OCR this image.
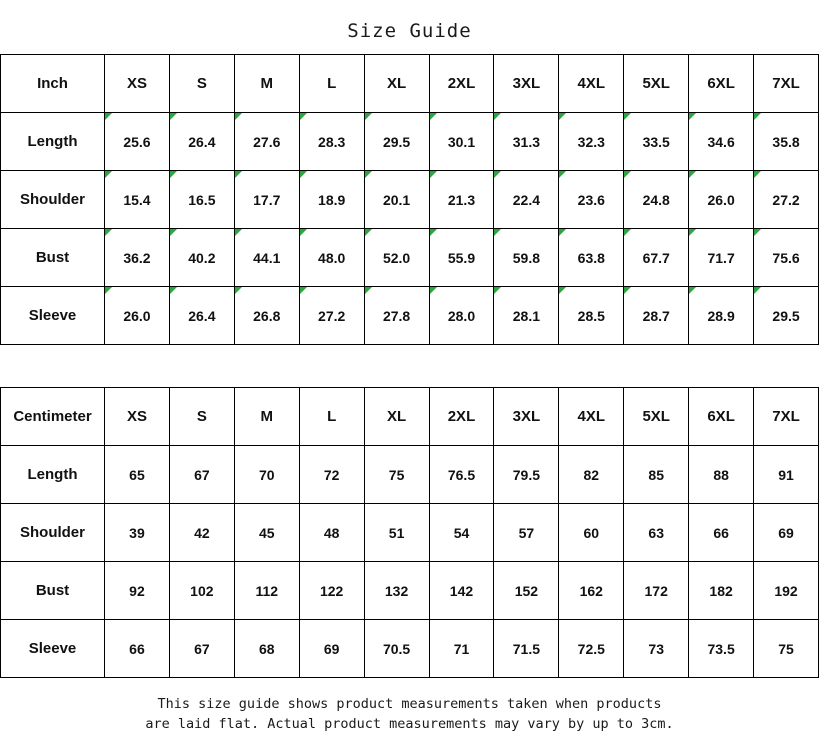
Size Guide
Inch	XS	S	M	L	XL	2XL	3XL	4XL	5XL	6XL	7XL
Length	25.6	26.4	27.6	28.3	29.5	30.1	31.3	32.3	33.5	34.6	35.8
Shoulder	15.4	16.5	17.7	18.9	20.1	21.3	22.4	23.6	24.8	26.0	27.2
Bust	36.2	40.2	44.1	48.0	52.0	55.9	59.8	63.8	67.7	71.7	75.6
Sleeve	26.0	26.4	26.8	27.2	27.8	28.0	28.1	28.5	28.7	28.9	29.5
Centimeter	XS	S	M	L	XL	2XL	3XL	4XL	5XL	6XL	7XL
Length	65	67	70	72	75	76.5	79.5	82	85	88	91
Shoulder	39	42	45	48	51	54	57	60	63	66	69
Bust	92	102	112	122	132	142	152	162	172	182	192
Sleeve	66	67	68	69	70.5	71	71.5	72.5	73	73.5	75
This size guide shows product measurements taken when products
are laid flat. Actual product measurements may vary by up to 3cm.
